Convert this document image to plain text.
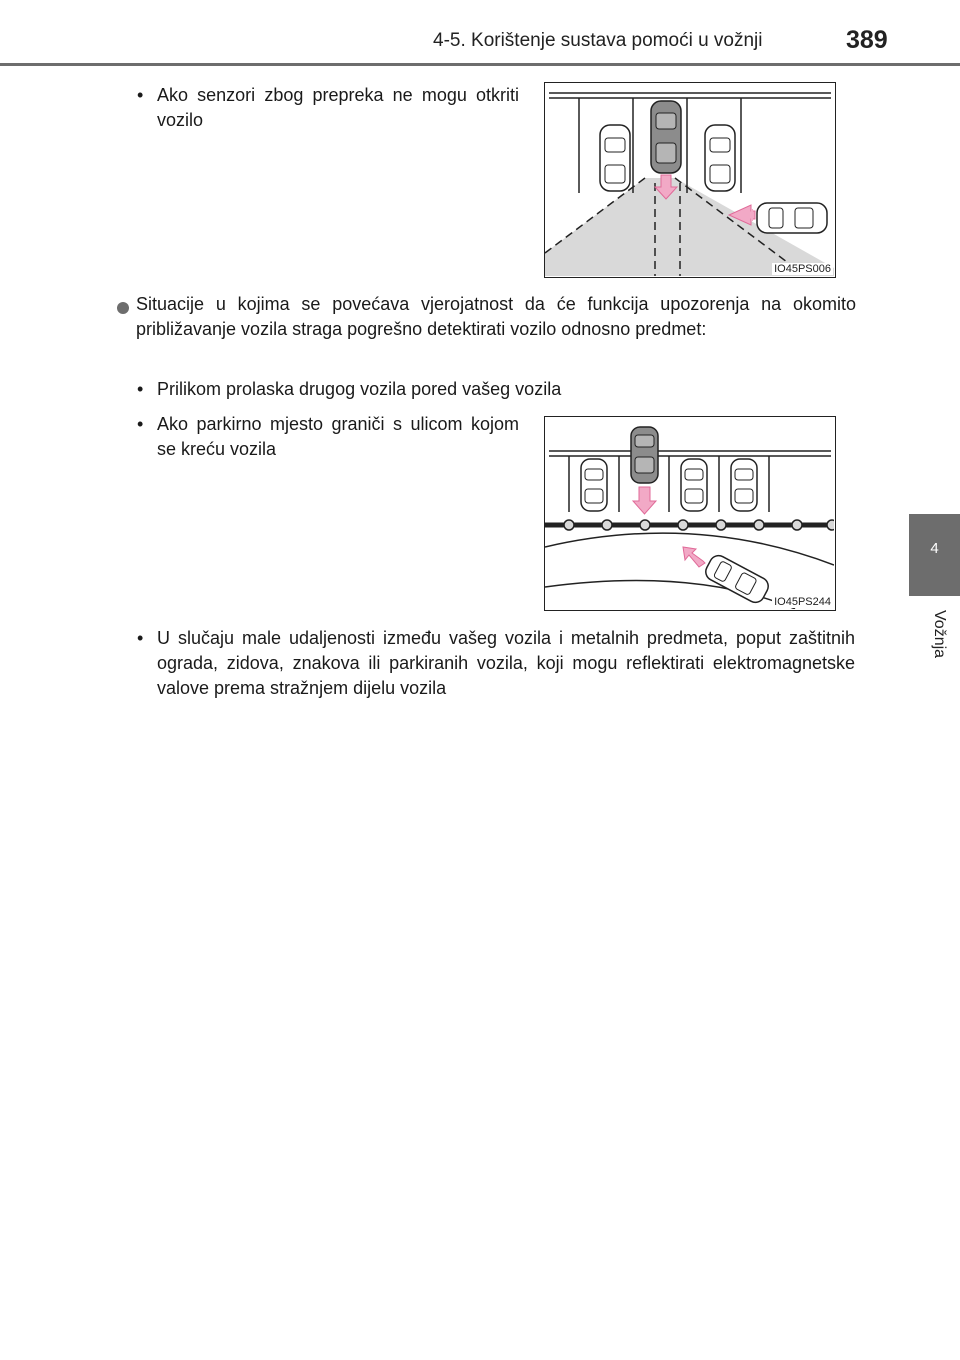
4-5. Korištenje sustava pomoći u vožnji	389
4
Vožnja
• Ako senzori zbog prepreka ne mogu otkriti vozilo
IO45PS006
Situacije u kojima se povećava vjerojatnost da će funkcija upozorenja na okomito približavanje vozila straga pogrešno detektirati vozilo odnosno predmet:
• Prilikom prolaska drugog vozila pored vašeg vozila
• Ako parkirno mjesto graniči s ulicom kojom se kreću vozila
IO45PS244
• U slučaju male udaljenosti između vašeg vozila i metalnih predmeta, poput zaštitnih ograda, zidova, znakova ili parkiranih vozila, koji mogu reflektirati elektromagnetske valove prema stražnjem dijelu vozila
